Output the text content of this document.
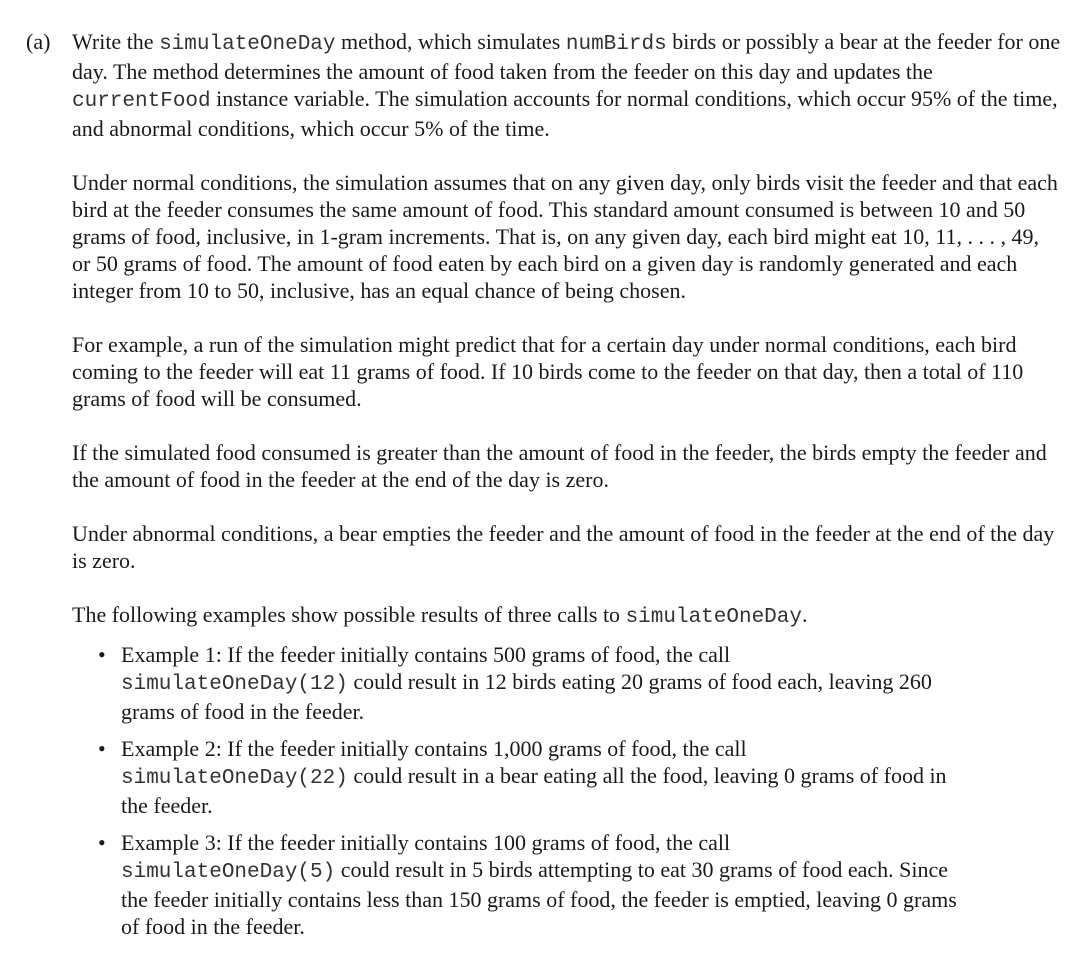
(a) Write the simulateOneDay method, which simulates numBirds birds or possibly a bear at the feeder for one day. The method determines the amount of food taken from the feeder on this day and updates the currentFood instance variable. The simulation accounts for normal conditions, which occur 95% of the time, and abnormal conditions, which occur 5% of the time.

Under normal conditions, the simulation assumes that on any given day, only birds visit the feeder and that each bird at the feeder consumes the same amount of food. This standard amount consumed is between 10 and 50 grams of food, inclusive, in 1-gram increments. That is, on any given day, each bird might eat 10, 11, . . . , 49, or 50 grams of food. The amount of food eaten by each bird on a given day is randomly generated and each integer from 10 to 50, inclusive, has an equal chance of being chosen.

For example, a run of the simulation might predict that for a certain day under normal conditions, each bird coming to the feeder will eat 11 grams of food. If 10 birds come to the feeder on that day, then a total of 110 grams of food will be consumed.

If the simulated food consumed is greater than the amount of food in the feeder, the birds empty the feeder and the amount of food in the feeder at the end of the day is zero.

Under abnormal conditions, a bear empties the feeder and the amount of food in the feeder at the end of the day is zero.

The following examples show possible results of three calls to simulateOneDay.

• Example 1: If the feeder initially contains 500 grams of food, the call
simulateOneDay(12) could result in 12 birds eating 20 grams of food each, leaving 260 grams of food in the feeder.
• Example 2: If the feeder initially contains 1,000 grams of food, the call
simulateOneDay(22) could result in a bear eating all the food, leaving 0 grams of food in the feeder.
• Example 3: If the feeder initially contains 100 grams of food, the call
simulateOneDay(5) could result in 5 birds attempting to eat 30 grams of food each. Since the feeder initially contains less than 150 grams of food, the feeder is emptied, leaving 0 grams of food in the feeder.
